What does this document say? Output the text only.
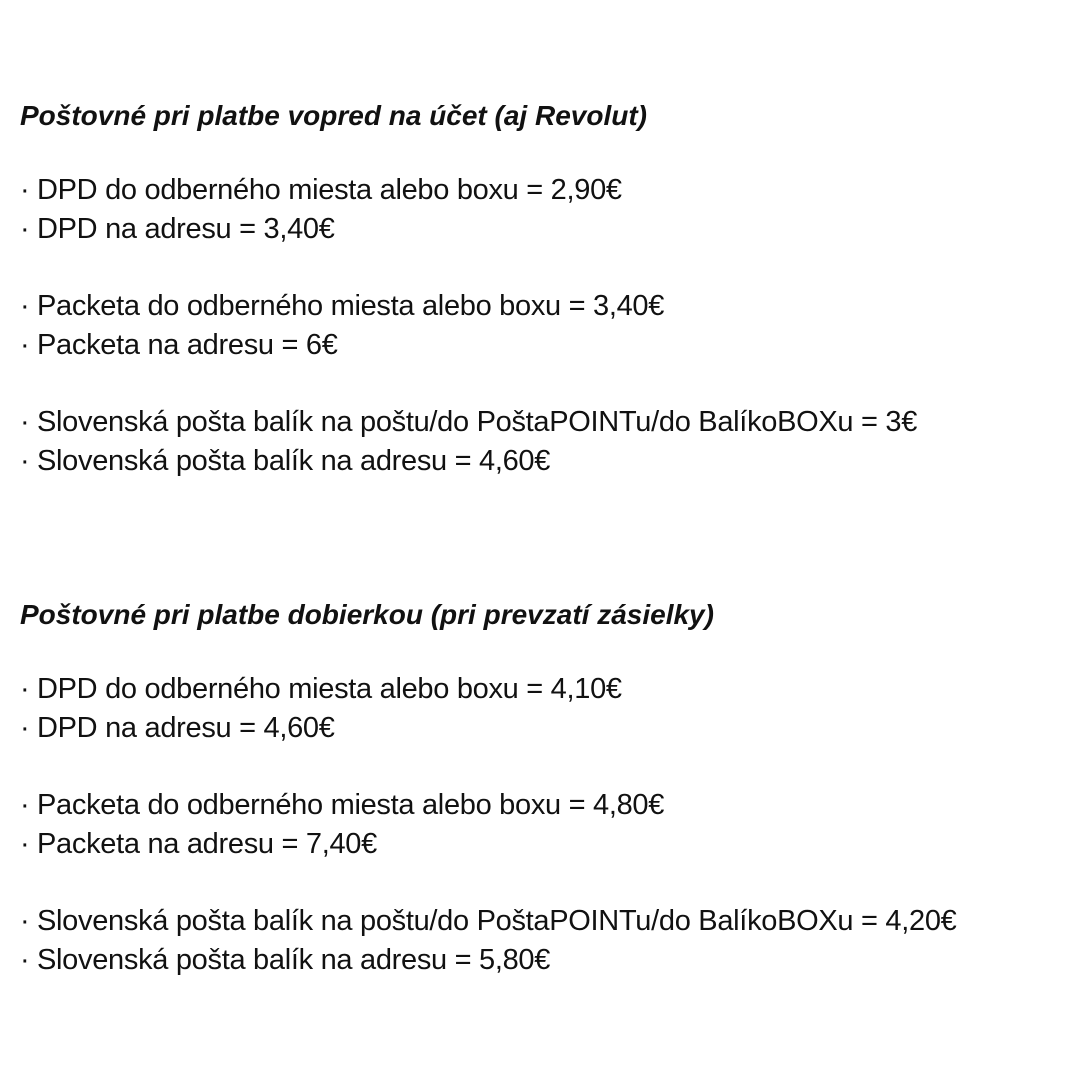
Poštovné pri platbe vopred na účet (aj Revolut)
· DPD do odberného miesta alebo boxu = 2,90€
· DPD na adresu = 3,40€
· Packeta do odberného miesta alebo boxu = 3,40€
· Packeta na adresu = 6€
· Slovenská pošta balík na poštu/do PoštaPOINTu/do BalíkoBOXu = 3€
· Slovenská pošta balík na adresu = 4,60€
Poštovné pri platbe dobierkou (pri prevzatí zásielky)
· DPD do odberného miesta alebo boxu = 4,10€
· DPD na adresu = 4,60€
· Packeta do odberného miesta alebo boxu = 4,80€
· Packeta na adresu = 7,40€
· Slovenská pošta balík na poštu/do PoštaPOINTu/do BalíkoBOXu = 4,20€
· Slovenská pošta balík na adresu = 5,80€
